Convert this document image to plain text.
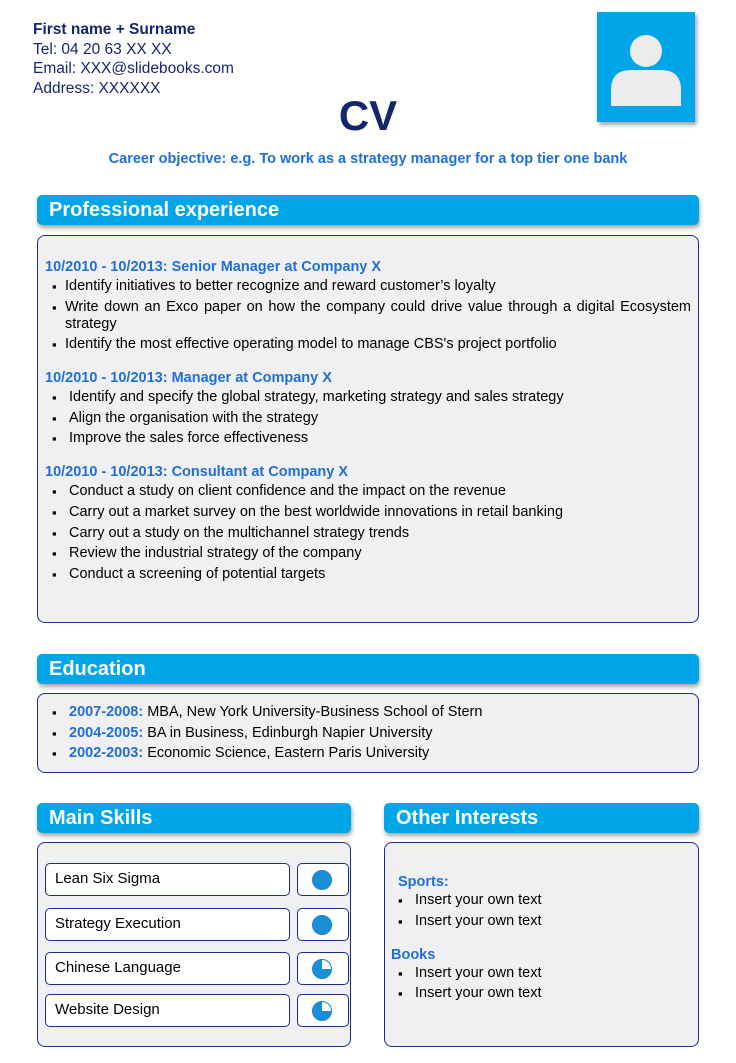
First name + Surname
Tel: 04 20 63 XX XX
Email: XXX@slidebooks.com
Address: XXXXXX
CV
Career objective: e.g. To work as a strategy manager for a top tier one bank
Professional experience
10/2010 - 10/2013: Senior Manager at Company X
▪ Identify initiatives to better recognize and reward customer’s loyalty
▪ Write down an Exco paper on how the company could drive value through a digital Ecosystem strategy
▪ Identify the most effective operating model to manage CBS's project portfolio
10/2010 - 10/2013: Manager at Company X
▪ Identify and specify the global strategy, marketing strategy and sales strategy
▪ Align the organisation with the strategy
▪ Improve the sales force effectiveness
10/2010 - 10/2013: Consultant at Company X
▪ Conduct a study on client confidence and the impact on the revenue
▪ Carry out a market survey on the best worldwide innovations in retail banking
▪ Carry out a study on the multichannel strategy trends
▪ Review the industrial strategy of the company
▪ Conduct a screening of potential targets
Education
▪ 2007-2008: MBA, New York University-Business School of Stern
▪ 2004-2005: BA in Business, Edinburgh Napier University
▪ 2002-2003: Economic Science, Eastern Paris University
Main Skills
Lean Six Sigma
Strategy Execution
Chinese Language
Website Design
Other Interests
Sports:
▪ Insert your own text
▪ Insert your own text
Books
▪ Insert your own text
▪ Insert your own text
